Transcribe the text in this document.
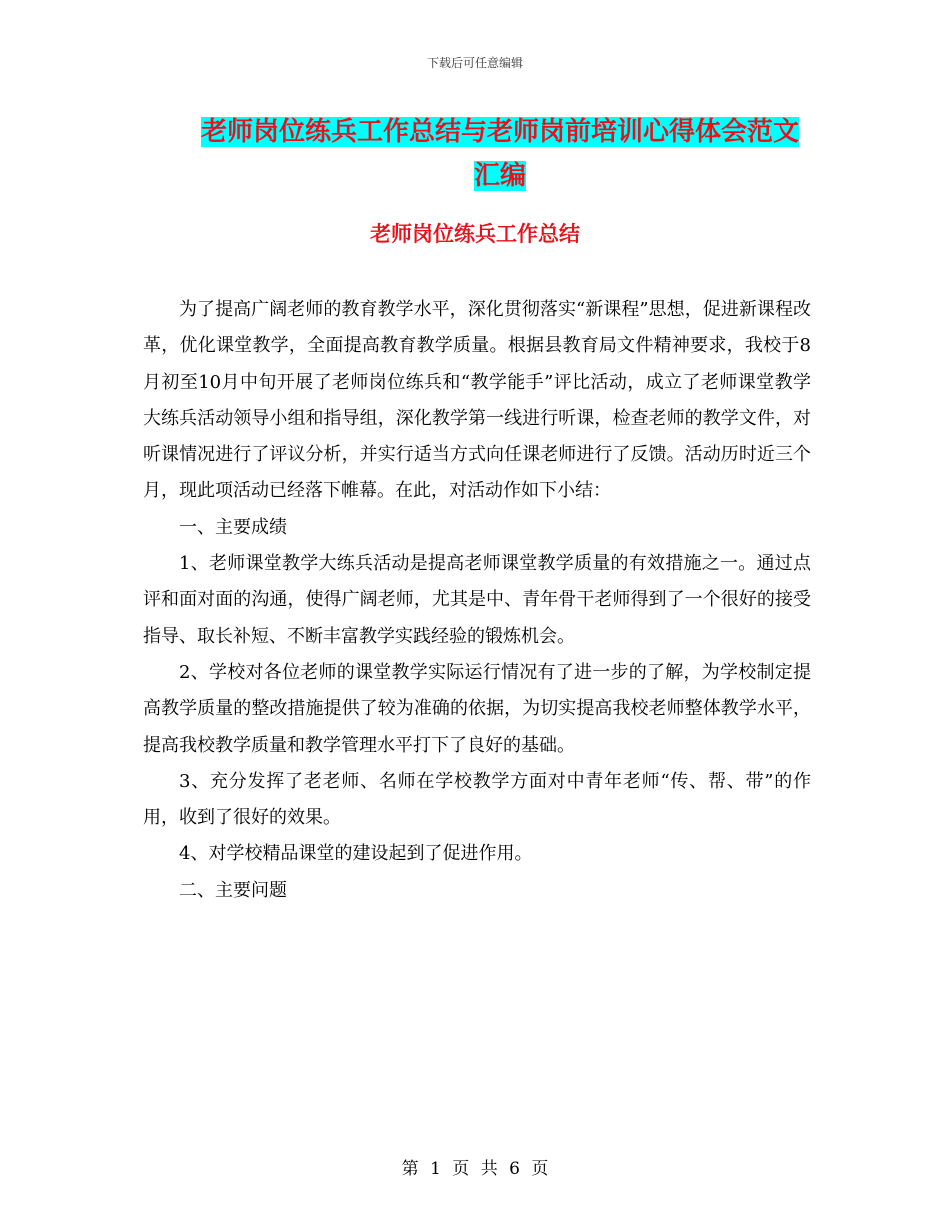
下载后可任意编辑
老师岗位练兵工作总结与老师岗前培训心得体会范文
汇编
老师岗位练兵工作总结

为了提高广阔老师的教育教学水平，深化贯彻落实“新课程”思想，促进新课程改革，优化课堂教学，全面提高教育教学质量。根据县教育局文件精神要求，我校于8月初至10月中旬开展了老师岗位练兵和“教学能手”评比活动，成立了老师课堂教学大练兵活动领导小组和指导组，深化教学第一线进行听课，检查老师的教学文件，对听课情况进行了评议分析，并实行适当方式向任课老师进行了反馈。活动历时近三个月，现此项活动已经落下帷幕。在此，对活动作如下小结：

一、主要成绩

1、老师课堂教学大练兵活动是提高老师课堂教学质量的有效措施之一。通过点评和面对面的沟通，使得广阔老师，尤其是中、青年骨干老师得到了一个很好的接受指导、取长补短、不断丰富教学实践经验的锻炼机会。

2、学校对各位老师的课堂教学实际运行情况有了进一步的了解，为学校制定提高教学质量的整改措施提供了较为准确的依据，为切实提高我校老师整体教学水平，提高我校教学质量和教学管理水平打下了良好的基础。

3、充分发挥了老老师、名师在学校教学方面对中青年老师“传、帮、带”的作用，收到了很好的效果。

4、对学校精品课堂的建设起到了促进作用。

二、主要问题

第 1 页 共 6 页
